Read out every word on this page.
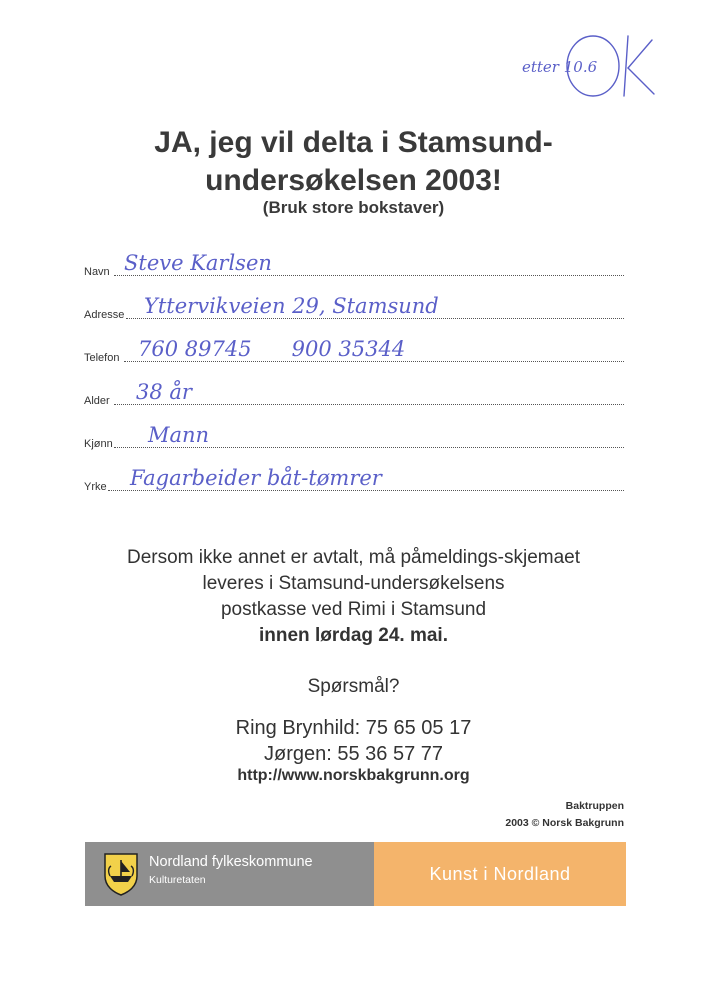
etter 10.6
JA, jeg vil delta i Stamsund-
undersøkelsen 2003!
(Bruk store bokstaver)
Navn Steve Karlsen
Adresse Yttervikveien 29, Stamsund
Telefon 760 89745      900 35344
Alder 38 år
Kjønn Mann
Yrke Fagarbeider båt-tømrer
Dersom ikke annet er avtalt, må påmeldings-skjemaet
leveres i Stamsund-undersøkelsens
postkasse ved Rimi i Stamsund
innen lørdag 24. mai.
Spørsmål?
Ring Brynhild: 75 65 05 17
Jørgen: 55 36 57 77
http://www.norskbakgrunn.org
Baktruppen
2003 © Norsk Bakgrunn
Nordland fylkeskommune
Kulturetaten	Kunst i Nordland
